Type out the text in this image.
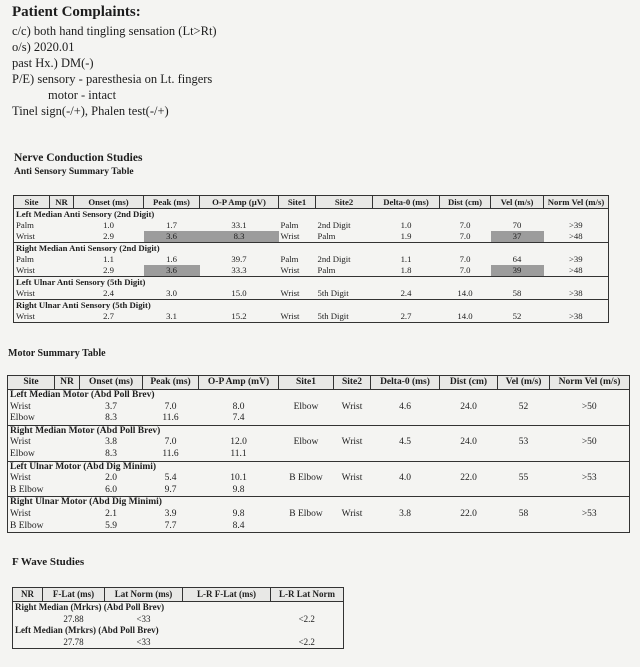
Patient Complaints:
c/c) both hand tingling sensation (Lt>Rt)
o/s) 2020.01
past Hx.) DM(-)
P/E) sensory - paresthesia on Lt. fingers
motor - intact
Tinel sign(-/+), Phalen test(-/+)
Nerve Conduction Studies
Anti Sensory Summary Table
Site	NR	Onset (ms)	Peak (ms)	O-P Amp (µV)	Site1	Site2	Delta-0 (ms)	Dist (cm)	Vel (m/s)	Norm Vel (m/s)
Left Median Anti Sensory (2nd Digit)										
Palm		1.0	1.7	33.1	Palm	2nd Digit	1.0	7.0	70	>39
Wrist		2.9	3.6	8.3	Wrist	Palm	1.9	7.0	37	>48
Right Median Anti Sensory (2nd Digit)										
Palm		1.1	1.6	39.7	Palm	2nd Digit	1.1	7.0	64	>39
Wrist		2.9	3.6	33.3	Wrist	Palm	1.8	7.0	39	>48
Left Ulnar Anti Sensory (5th Digit)										
Wrist		2.4	3.0	15.0	Wrist	5th Digit	2.4	14.0	58	>38
Right Ulnar Anti Sensory (5th Digit)										
Wrist		2.7	3.1	15.2	Wrist	5th Digit	2.7	14.0	52	>38
Motor Summary Table
Site	NR	Onset (ms)	Peak (ms)	O-P Amp (mV)	Site1	Site2	Delta-0 (ms)	Dist (cm)	Vel (m/s)	Norm Vel (m/s)
Left Median Motor (Abd Poll Brev)										
Wrist		3.7	7.0	8.0	Elbow	Wrist	4.6	24.0	52	>50
Elbow		8.3	11.6	7.4						
Right Median Motor (Abd Poll Brev)										
Wrist		3.8	7.0	12.0	Elbow	Wrist	4.5	24.0	53	>50
Elbow		8.3	11.6	11.1						
Left Ulnar Motor (Abd Dig Minimi)										
Wrist		2.0	5.4	10.1	B Elbow	Wrist	4.0	22.0	55	>53
B Elbow		6.0	9.7	9.8						
Right Ulnar Motor (Abd Dig Minimi)										
Wrist		2.1	3.9	9.8	B Elbow	Wrist	3.8	22.0	58	>53
B Elbow		5.9	7.7	8.4						
F Wave Studies
NR	F-Lat (ms)	Lat Norm (ms)	L-R F-Lat (ms)	L-R Lat Norm
Right Median (Mrkrs) (Abd Poll Brev)				
	27.88	<33		<2.2
Left Median (Mrkrs) (Abd Poll Brev)				
	27.78	<33		<2.2
